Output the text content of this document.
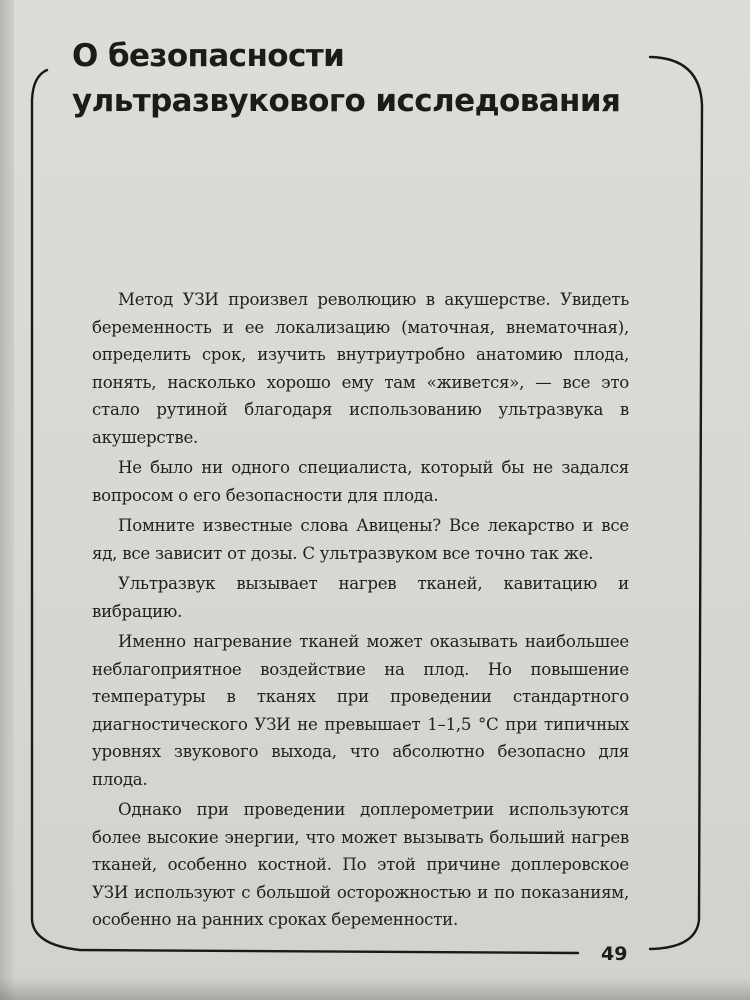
О безопасности
ультразвукового исследования

Метод УЗИ произвел революцию в акушерстве. Увидеть беременность и ее локализацию (маточная, внематочная), определить срок, изучить внутриутробно анатомию плода, понять, насколько хорошо ему там «живется», — все это стало рутиной благодаря использованию ультразвука в акушерстве.

Не было ни одного специалиста, который бы не задался вопросом о его безопасности для плода.

Помните известные слова Авицены? Все лекарство и все яд, все зависит от дозы. С ультразвуком все точно так же.

Ультразвук вызывает нагрев тканей, кавитацию и вибрацию.

Именно нагревание тканей может оказывать наибольшее неблагоприятное воздействие на плод. Но повышение температуры в тканях при проведении стандартного диагностического УЗИ не превышает 1–1,5 °C при типичных уровнях звукового выхода, что абсолютно безопасно для плода.

Однако при проведении доплерометрии используются более высокие энергии, что может вызывать больший нагрев тканей, особенно костной. По этой причине доплеровское УЗИ используют с большой осторожностью и по показаниям, особенно на ранних сроках беременности.

49
